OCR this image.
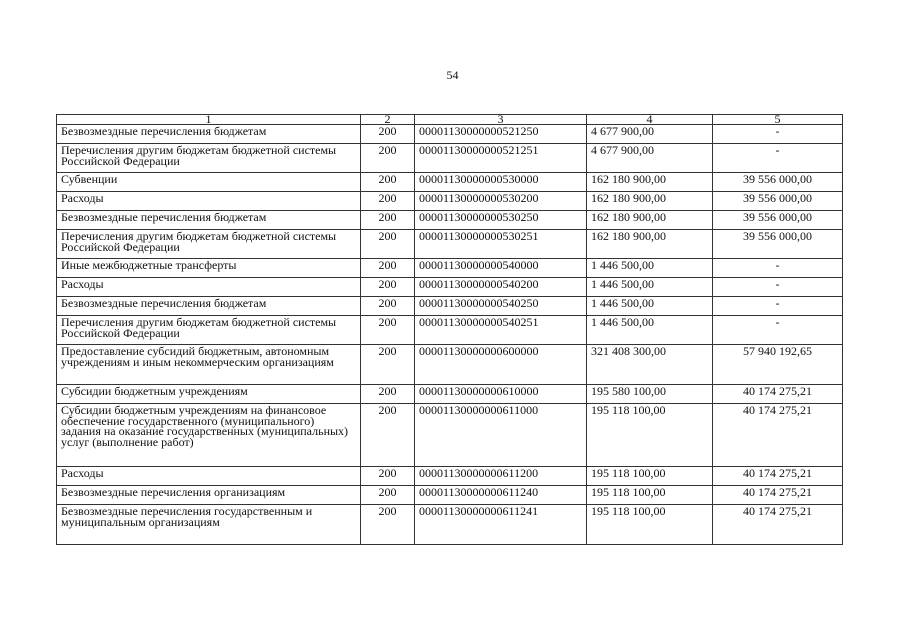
54
1	2	3	4	5
Безвозмездные перечисления бюджетам	200	00001130000000521250	4 677 900,00	-
Перечисления другим бюджетам бюджетной системы Российской Федерации	200	00001130000000521251	4 677 900,00	-
Субвенции	200	00001130000000530000	162 180 900,00	39 556 000,00
Расходы	200	00001130000000530200	162 180 900,00	39 556 000,00
Безвозмездные перечисления бюджетам	200	00001130000000530250	162 180 900,00	39 556 000,00
Перечисления другим бюджетам бюджетной системы Российской Федерации	200	00001130000000530251	162 180 900,00	39 556 000,00
Иные межбюджетные трансферты	200	00001130000000540000	1 446 500,00	-
Расходы	200	00001130000000540200	1 446 500,00	-
Безвозмездные перечисления бюджетам	200	00001130000000540250	1 446 500,00	-
Перечисления другим бюджетам бюджетной системы Российской Федерации	200	00001130000000540251	1 446 500,00	-
Предоставление субсидий бюджетным, автономным учреждениям и иным некоммерческим организациям	200	00001130000000600000	321 408 300,00	57 940 192,65
Субсидии бюджетным учреждениям	200	00001130000000610000	195 580 100,00	40 174 275,21
Субсидии бюджетным учреждениям на финансовое обеспечение государственного (муниципального) задания на оказание государственных (муниципальных) услуг (выполнение работ)	200	00001130000000611000	195 118 100,00	40 174 275,21
Расходы	200	00001130000000611200	195 118 100,00	40 174 275,21
Безвозмездные перечисления организациям	200	00001130000000611240	195 118 100,00	40 174 275,21
Безвозмездные перечисления государственным и муниципальным организациям	200	00001130000000611241	195 118 100,00	40 174 275,21
